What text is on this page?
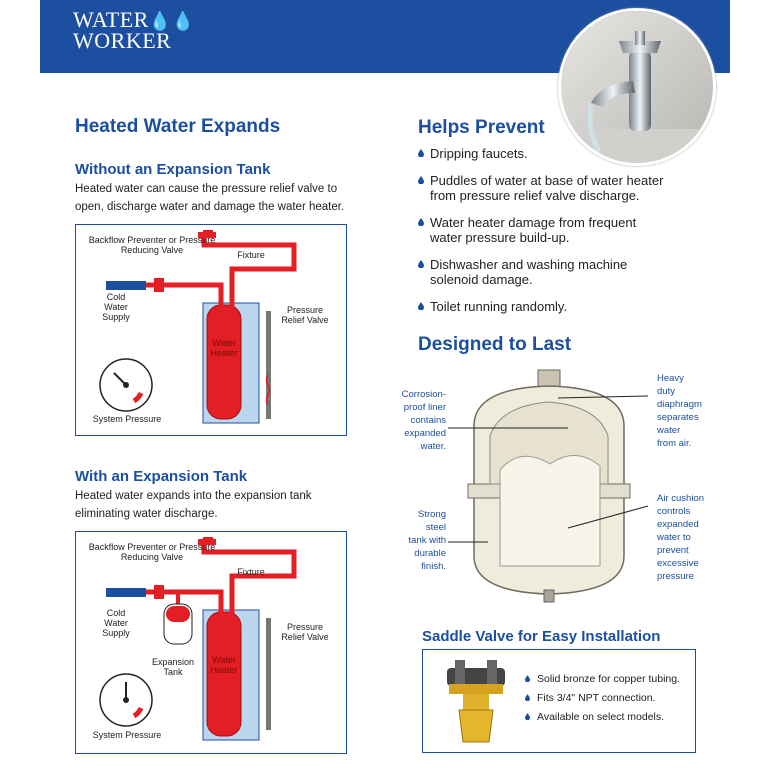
WATER💧💧
WORKER
Heated Water Expands
Without an Expansion Tank
Heated water can cause the pressure relief valve to
open, discharge water and damage the water heater.
Backflow Preventer or Pressure Reducing Valve	Fixture
Cold Water Supply
Pressure Relief Valve
Water Heater
System Pressure
With an Expansion Tank
Heated water expands into the expansion tank
eliminating water discharge.
Backflow Preventer or Pressure Reducing Valve
Fixture
Cold Water Supply
Pressure Relief Valve
Expansion Tank
Water Heater
System Pressure
Helps Prevent
Dripping faucets.
Puddles of water at base of water heater
from pressure relief valve discharge.
Water heater damage from frequent
water pressure build-up.
Dishwasher and washing machine
solenoid damage.
Toilet running randomly.
Designed to Last
Corrosion-
proof liner
contains
expanded
water.
Heavy
duty
diaphragm
separates
water
from air.
Strong
steel
tank with
durable
finish.
Air cushion
controls
expanded
water to
prevent
excessive
pressure
Saddle Valve for Easy Installation
Solid bronze for copper tubing.
Fits 3/4" NPT connection.
Available on select models.
